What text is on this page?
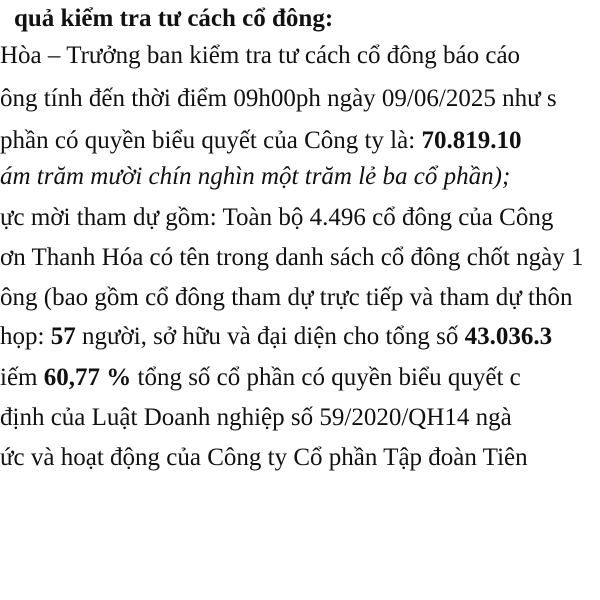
quả kiểm tra tư cách cổ đông:
Hòa – Trưởng ban kiểm tra tư cách cổ đông báo cáo
ông tính đến thời điểm 09h00ph ngày 09/06/2025 như s
phần có quyền biểu quyết của Công ty là: 70.819.10
ám trăm mười chín nghìn một trăm lẻ ba cổ phần);
ực mời tham dự gồm: Toàn bộ 4.496 cổ đông của Công
ơn Thanh Hóa có tên trong danh sách cổ đông chốt ngày 1
ông (bao gồm cổ đông tham dự trực tiếp và tham dự thôn
họp: 57 người, sở hữu và đại diện cho tổng số 43.036.3
iếm 60,77 % tổng số cổ phần có quyền biểu quyết c
định của Luật Doanh nghiệp số 59/2020/QH14 ngà
ức và hoạt động của Công ty Cổ phần Tập đoàn Tiên
